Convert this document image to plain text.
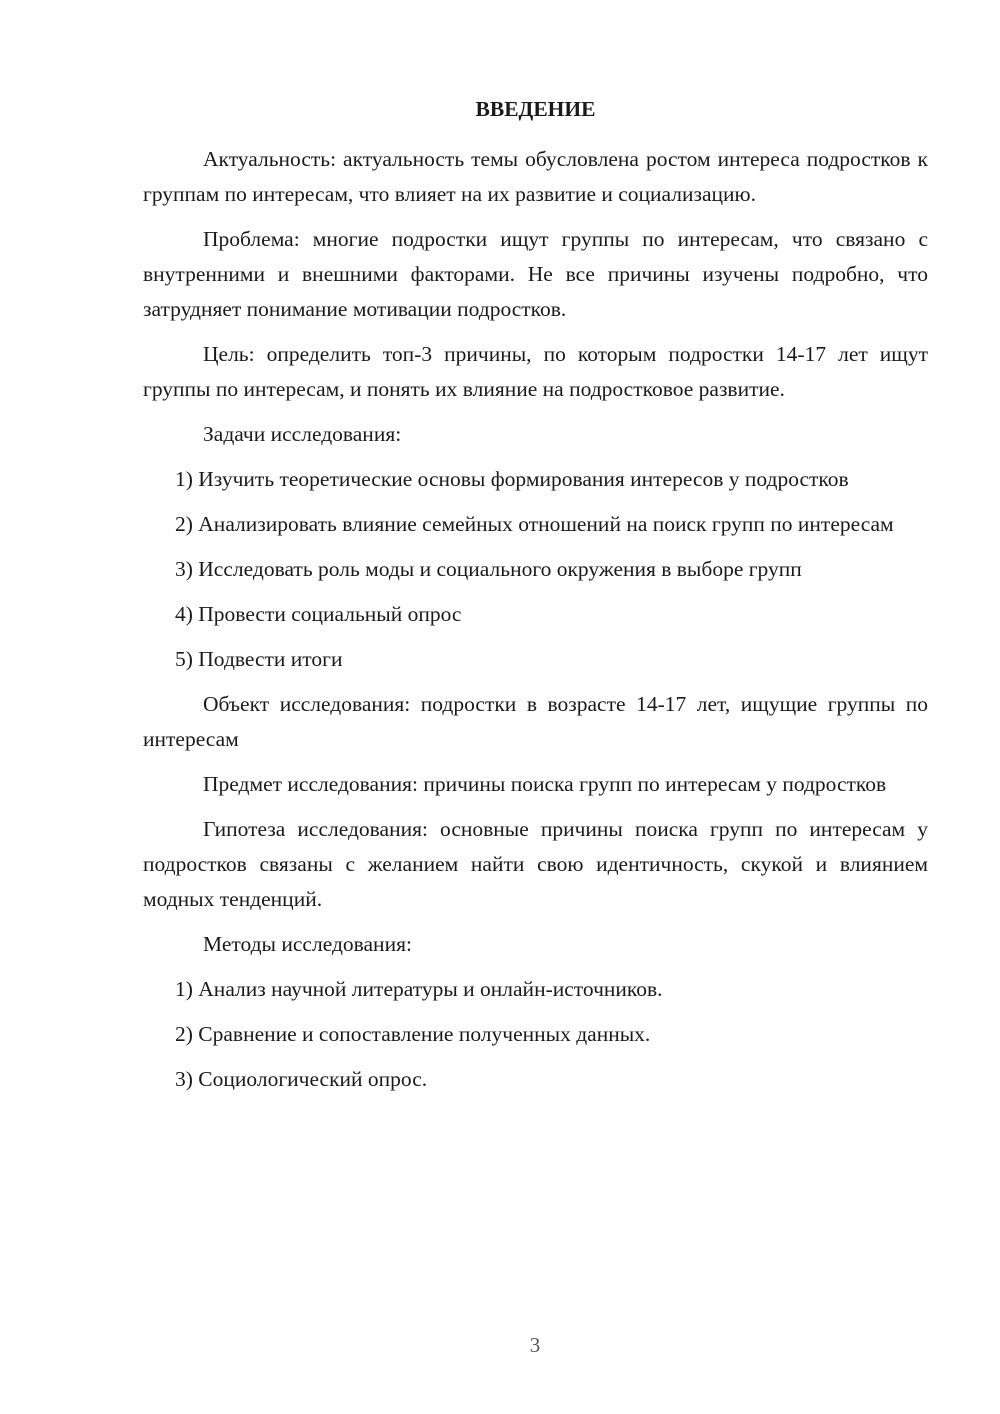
ВВЕДЕНИЕ

Актуальность: актуальность темы обусловлена ростом интереса подростков к группам по интересам, что влияет на их развитие и социализацию.

Проблема: многие подростки ищут группы по интересам, что связано с внутренними и внешними факторами. Не все причины изучены подробно, что затрудняет понимание мотивации подростков.

Цель: определить топ-3 причины, по которым подростки 14-17 лет ищут группы по интересам, и понять их влияние на подростковое развитие.

Задачи исследования:

1) Изучить теоретические основы формирования интересов у подростков

2) Анализировать влияние семейных отношений на поиск групп по интересам

3) Исследовать роль моды и социального окружения в выборе групп

4) Провести социальный опрос

5) Подвести итоги

Объект исследования: подростки в возрасте 14-17 лет, ищущие группы по интересам

Предмет исследования: причины поиска групп по интересам у подростков

Гипотеза исследования: основные причины поиска групп по интересам у подростков связаны с желанием найти свою идентичность, скукой и влиянием модных тенденций.

Методы исследования:

1) Анализ научной литературы и онлайн-источников.

2) Сравнение и сопоставление полученных данных.

3) Социологический опрос.

3
